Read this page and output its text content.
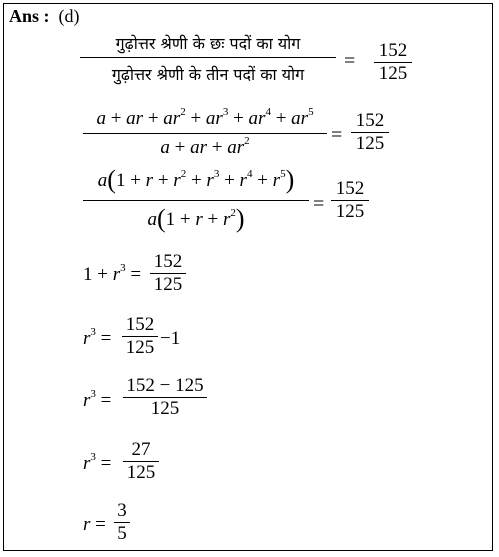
Ans : (d)
गुढ़ोत्तर श्रेणी के छः पदों का योग
गुढ़ोत्तर श्रेणी के तीन पदों का योग
= 152
125
a + ar + $ar^2 + ar^3 + ar^4 + ar^5$
a + ar + $ar^2$	=
152
125
$a(1 + r + r^2 + r^3 + r^4 + r^5)$
$a(1 + r + r^2)$
=
152
125
$1 + r^3$ =
152
125
$r^3$ =
152
125 −1
$r^3$ =
152 − 125
125
$r^3$ =
27
125
r =
3
5
